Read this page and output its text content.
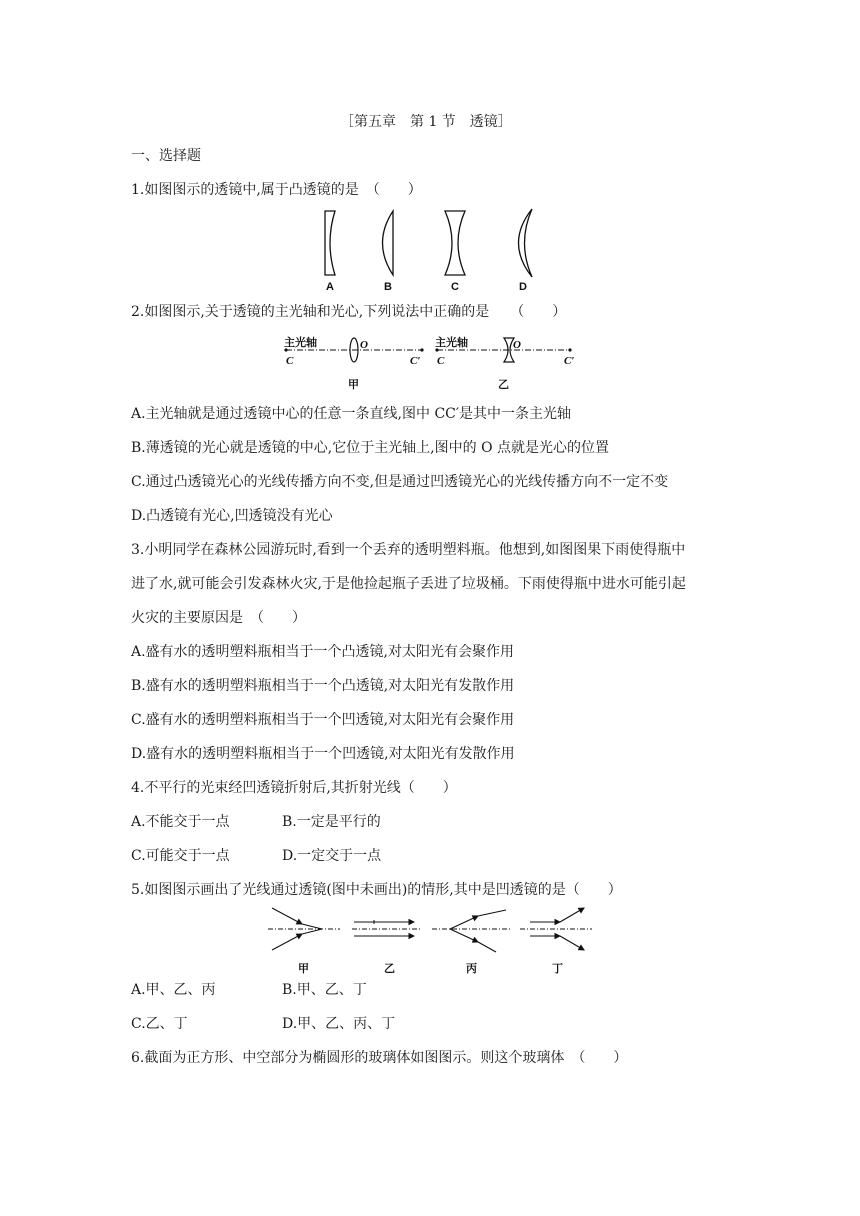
［第五章　第 1 节　透镜］
一、选择题
1.如图图示的透镜中,属于凸透镜的是　（　　）
A	B	C	D
2.如图图示,关于透镜的主光轴和光心,下列说法中正确的是　　（　　）
主光轴	O
C	C′
甲
主光轴	O
C	C′
乙
A.主光轴就是通过透镜中心的任意一条直线,图中 CC′是其中一条主光轴
B.薄透镜的光心就是透镜的中心,它位于主光轴上,图中的 O 点就是光心的位置
C.通过凸透镜光心的光线传播方向不变,但是通过凹透镜光心的光线传播方向不一定不变
D.凸透镜有光心,凹透镜没有光心
3.小明同学在森林公园游玩时,看到一个丢弃的透明塑料瓶。他想到,如图图果下雨使得瓶中
进了水,就可能会引发森林火灾,于是他捡起瓶子丢进了垃圾桶。下雨使得瓶中进水可能引起
火灾的主要原因是　（　　）
A.盛有水的透明塑料瓶相当于一个凸透镜,对太阳光有会聚作用
B.盛有水的透明塑料瓶相当于一个凸透镜,对太阳光有发散作用
C.盛有水的透明塑料瓶相当于一个凹透镜,对太阳光有会聚作用
D.盛有水的透明塑料瓶相当于一个凹透镜,对太阳光有发散作用
4.不平行的光束经凹透镜折射后,其折射光线（　　）
A.不能交于一点	B.一定是平行的
C.可能交于一点	D.一定交于一点
5.如图图示画出了光线通过透镜(图中未画出)的情形,其中是凹透镜的是（　　）
甲	乙	丙	丁
A.甲、乙、丙	B.甲、乙、丁
C.乙、丁	D.甲、乙、丙、丁
6.截面为正方形、中空部分为椭圆形的玻璃体如图图示。则这个玻璃体　（　　）
